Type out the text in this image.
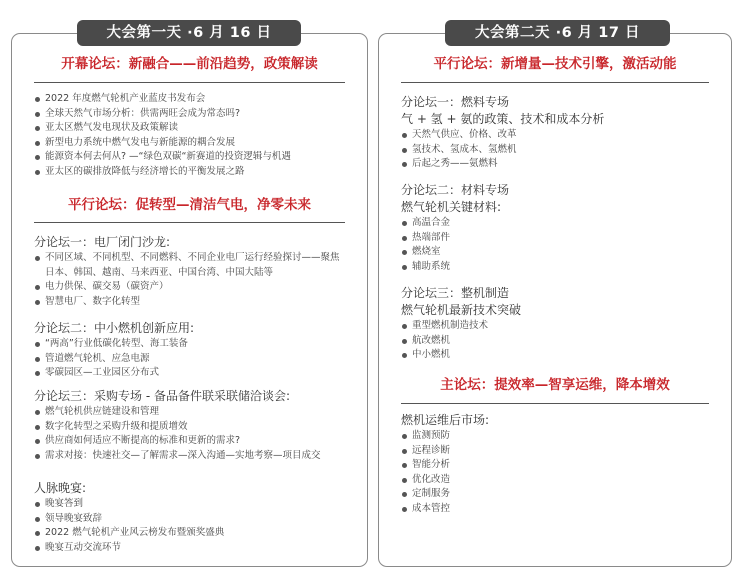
开幕论坛：新融合——前沿趋势，政策解读
2022 年度燃气轮机产业蓝皮书发布会
全球天然气市场分析：供需两旺会成为常态吗?
亚太区燃气发电现状及政策解读
新型电力系统中燃气发电与新能源的耦合发展
能源资本何去何从? —“绿色双碳“新赛道的投资逻辑与机遇
亚太区的碳排放降低与经济增长的平衡发展之路
平行论坛：促转型—清洁气电，净零未来
分论坛一：电厂闭门沙龙:
不同区域、不同机型、不同燃料、不同企业电厂运行经验探讨——聚焦日本、韩国、越南、马来西亚、中国台湾、中国大陆等
电力供保、碳交易（碳资产）
智慧电厂、数字化转型
分论坛二：中小燃机创新应用:
“两高”行业低碳化转型、海工装备
管道燃气轮机、应急电源
零碳园区—工业园区分布式
分论坛三：采购专场 - 备品备件联采联储洽谈会:
燃气轮机供应链建设和管理
数字化转型之采购升级和提质增效
供应商如何适应不断提高的标准和更新的需求?
需求对接：快速社交—了解需求—深入沟通—实地考察—项目成交
人脉晚宴:
晚宴答到
领导晚宴致辞
2022 燃气轮机产业风云榜发布暨颁奖盛典
晚宴互动交流环节
平行论坛：新增量—技术引擎，激活动能
分论坛一：燃料专场
气 + 氢 + 氨的政策、技术和成本分析
天然气供应、价格、改革
氢技术、氢成本、氢燃机
后起之秀——氨燃料
分论坛二：材料专场
燃气轮机关键材料:
高温合金
热端部件
燃烧室
辅助系统
分论坛三：整机制造
燃气轮机最新技术突破
重型燃机制造技术
航改燃机
中小燃机
主论坛：提效率—智享运维，降本增效
燃机运维后市场:
监测预防
远程诊断
智能分析
优化改造
定制服务
成本管控
大会第一天 ·6 月 16 日	大会第二天 ·6 月 17 日
